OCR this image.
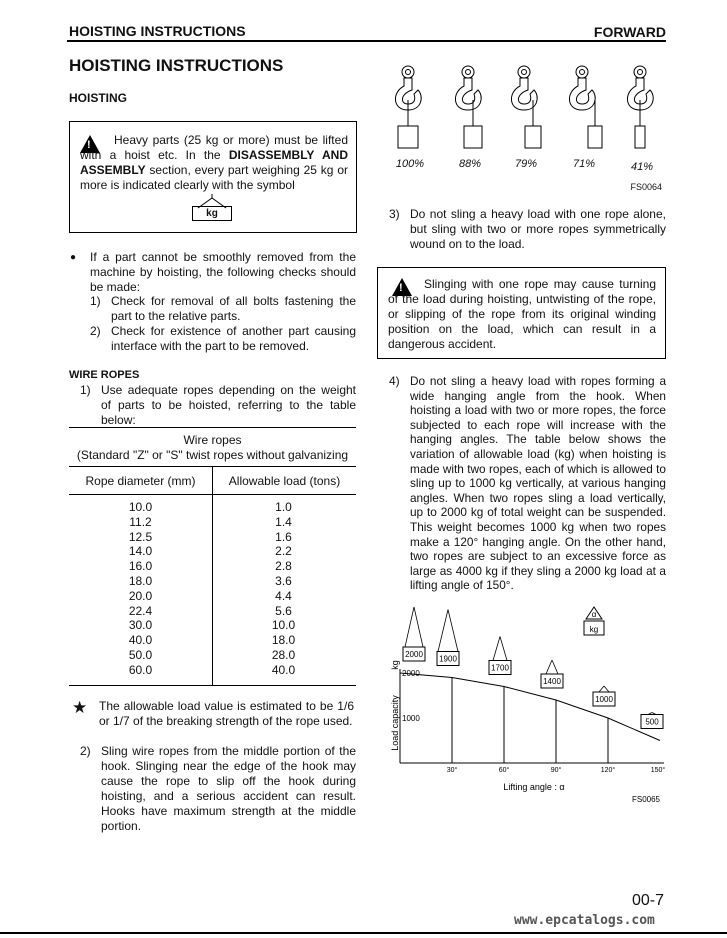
HOISTING INSTRUCTIONS	FORWARD
HOISTING INSTRUCTIONS
HOISTING
!
Heavy parts (25 kg or more) must be lifted with a hoist etc. In the DISASSEMBLY AND ASSEMBLY section, every part weighing 25 kg or more is indicated clearly with the symbol
kg
● If a part cannot be smoothly removed from the machine by hoisting, the following checks should be made:
1) Check for removal of all bolts fastening the part to the relative parts.
2) Check for existence of another part causing interface with the part to be removed.
WIRE ROPES
1) Use adequate ropes depending on the weight of parts to be hoisted, referring to the table below:
Wire ropes
(Standard "Z" or "S" twist ropes without galvanizing
Rope diameter (mm)	Allowable load (tons)
10.0	1.0
11.2	1.4
12.5	1.6
14.0	2.2
16.0	2.8
18.0	3.6
20.0	4.4
22.4	5.6
30.0	10.0
40.0	18.0
50.0	28.0
60.0	40.0
★ The allowable load value is estimated to be 1/6 or 1/7 of the breaking strength of the rope used.
2) Sling wire ropes from the middle portion of the hook. Slinging near the edge of the hook may cause the rope to slip off the hook during hoisting, and a serious accident can result. Hooks have maximum strength at the middle portion.
100%	88%	79%	71%	41%
FS0064
3) Do not sling a heavy load with one rope alone, but sling with two or more ropes symmetrically wound on to the load.
!
Slinging with one rope may cause turning of the load during hoisting, untwisting of the rope, or slipping of the rope from its original winding position on the load, which can result in a dangerous accident.
4) Do not sling a heavy load with ropes forming a wide hanging angle from the hook. When hoisting a load with two or more ropes, the force subjected to each rope will increase with the hanging angles. The table below shows the variation of allowable load (kg) when hoisting is made with two ropes, each of which is allowed to sling up to 1000 kg vertically, at various hanging angles. When two ropes sling a load vertically, up to 2000 kg of total weight can be suspended. This weight becomes 1000 kg when two ropes make a 120° hanging angle. On the other hand, two ropes are subject to an excessive force as large as 4000 kg if they sling a 2000 kg load at a lifting angle of 150°.
2000
1000
Load capacity
kg
30°	60°	90°	120°	150°
2000 1900
1700
1400
1000
500
α
kg
Lifting angle : α
FS0065
00-7
www.epcatalogs.com
